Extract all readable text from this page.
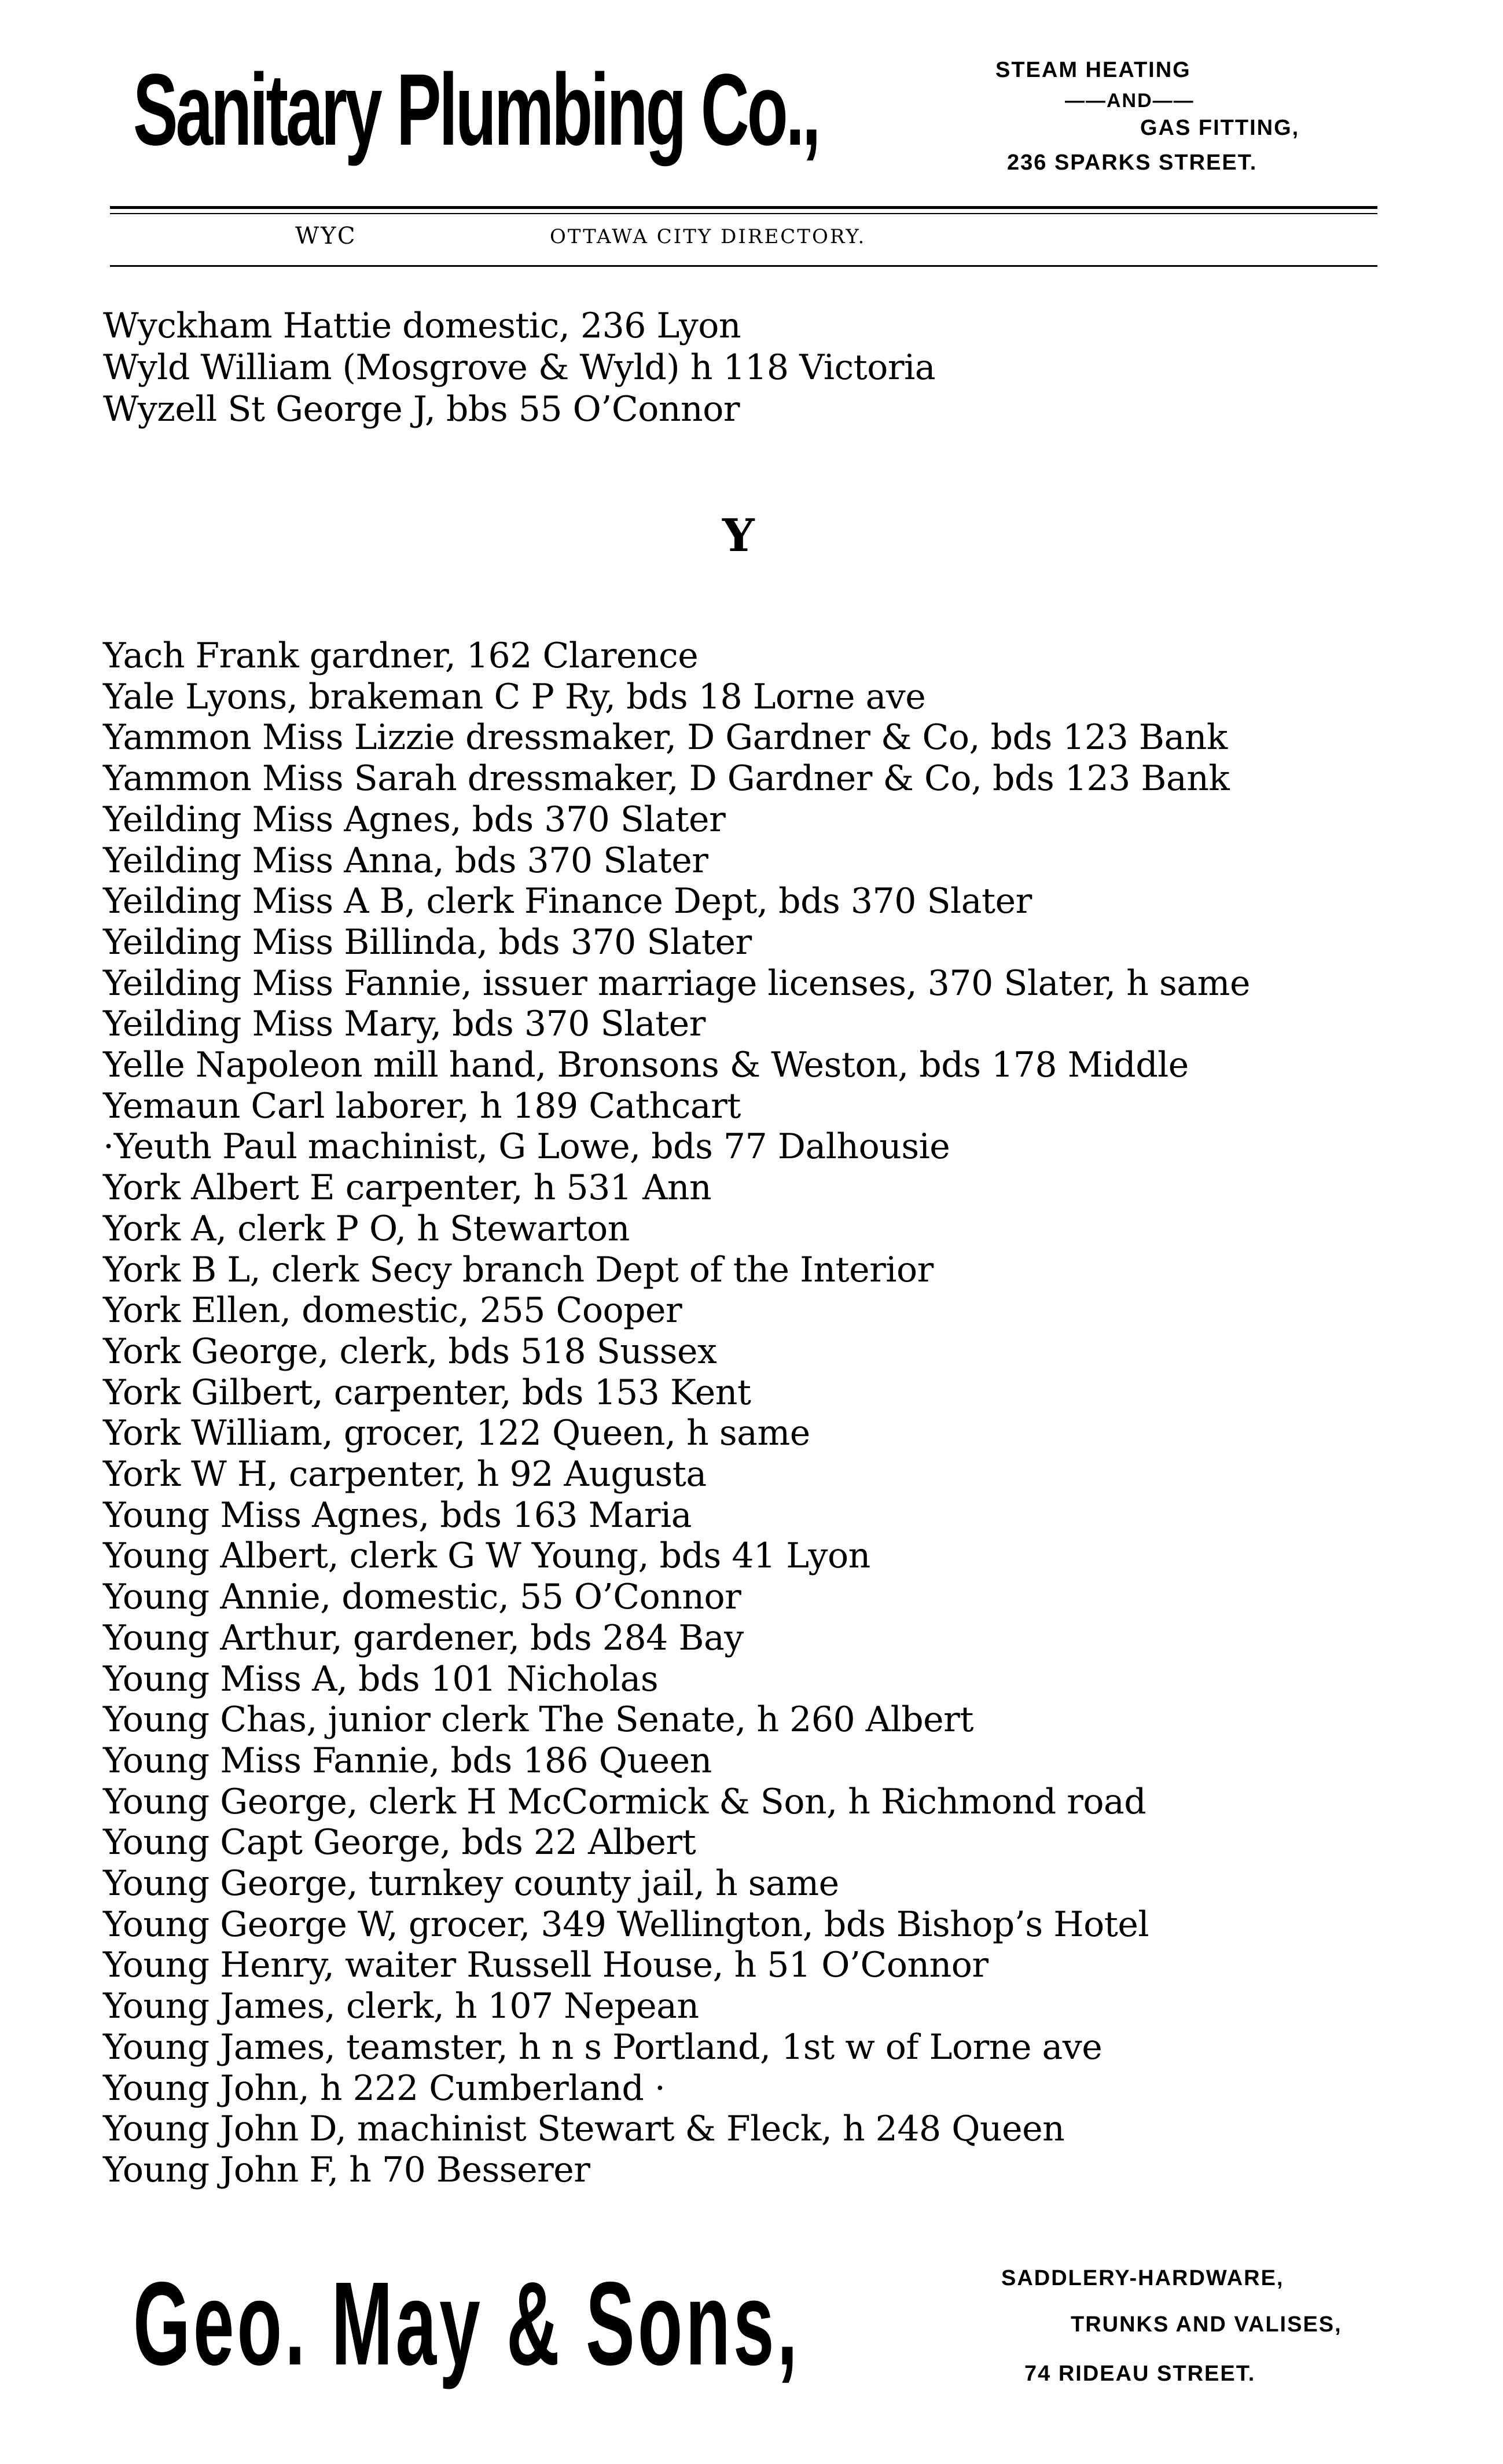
Sanitary Plumbing Co.,	STEAM HEATING
——AND——
GAS FITTING,
236 SPARKS STREET.
WYC	OTTAWA CITY DIRECTORY.
Y
Wyckham Hattie domestic, 236 Lyon
Wyld William (Mosgrove & Wyld) h 118 Victoria
Wyzell St George J, bbs 55 O’Connor
Yach Frank gardner, 162 Clarence
Yale Lyons, brakeman C P Ry, bds 18 Lorne ave
Yammon Miss Lizzie dressmaker, D Gardner & Co, bds 123 Bank
Yammon Miss Sarah dressmaker, D Gardner & Co, bds 123 Bank
Yeilding Miss Agnes, bds 370 Slater
Yeilding Miss Anna, bds 370 Slater
Yeilding Miss A B, clerk Finance Dept, bds 370 Slater
Yeilding Miss Billinda, bds 370 Slater
Yeilding Miss Fannie, issuer marriage licenses, 370 Slater, h same
Yeilding Miss Mary, bds 370 Slater
Yelle Napoleon mill hand, Bronsons & Weston, bds 178 Middle
Yemaun Carl laborer, h 189 Cathcart
·Yeuth Paul machinist, G Lowe, bds 77 Dalhousie
York Albert E carpenter, h 531 Ann
York A, clerk P O, h Stewarton
York B L, clerk Secy branch Dept of the Interior
York Ellen, domestic, 255 Cooper
York George, clerk, bds 518 Sussex
York Gilbert, carpenter, bds 153 Kent
York William, grocer, 122 Queen, h same
York W H, carpenter, h 92 Augusta
Young Miss Agnes, bds 163 Maria
Young Albert, clerk G W Young, bds 41 Lyon
Young Annie, domestic, 55 O’Connor
Young Arthur, gardener, bds 284 Bay
Young Miss A, bds 101 Nicholas
Young Chas, junior clerk The Senate, h 260 Albert
Young Miss Fannie, bds 186 Queen
Young George, clerk H McCormick & Son, h Richmond road
Young Capt George, bds 22 Albert
Young George, turnkey county jail, h same
Young George W, grocer, 349 Wellington, bds Bishop’s Hotel
Young Henry, waiter Russell House, h 51 O’Connor
Young James, clerk, h 107 Nepean
Young James, teamster, h n s Portland, 1st w of Lorne ave
Young John, h 222 Cumberland ·
Young John D, machinist Stewart & Fleck, h 248 Queen
Young John F, h 70 Besserer
Geo. May & Sons,	SADDLERY-HARDWARE,
TRUNKS AND VALISES,
74 RIDEAU STREET.
